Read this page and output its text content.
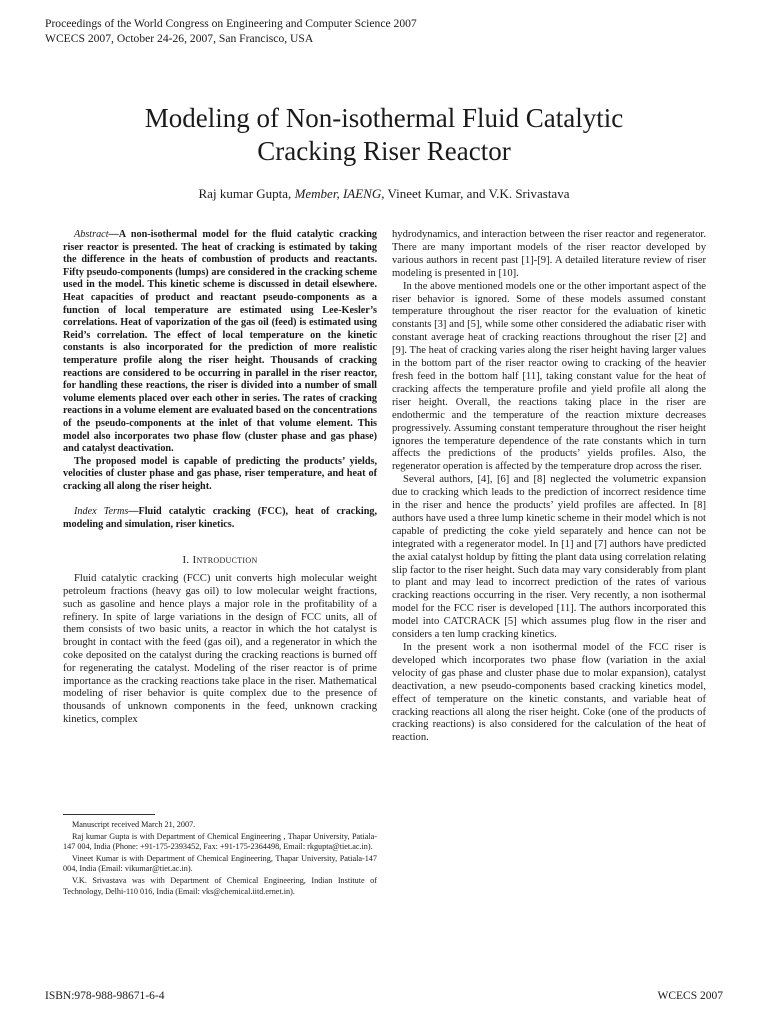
Proceedings of the World Congress on Engineering and Computer Science 2007
WCECS 2007, October 24-26, 2007, San Francisco, USA
Modeling of Non-isothermal Fluid Catalytic
Cracking Riser Reactor
Raj kumar Gupta, Member, IAENG, Vineet Kumar, and V.K. Srivastava

Abstract—A non-isothermal model for the fluid catalytic cracking riser reactor is presented. The heat of cracking is estimated by taking the difference in the heats of combustion of products and reactants. Fifty pseudo-components (lumps) are considered in the cracking scheme used in the model. This kinetic scheme is discussed in detail elsewhere. Heat capacities of product and reactant pseudo-components as a function of local temperature are estimated using Lee-Kesler’s correlations. Heat of vaporization of the gas oil (feed) is estimated using Reid’s correlation. The effect of local temperature on the kinetic constants is also incorporated for the prediction of more realistic temperature profile along the riser height. Thousands of cracking reactions are considered to be occurring in parallel in the riser reactor, for handling these reactions, the riser is divided into a number of small volume elements placed over each other in series. The rates of cracking reactions in a volume element are evaluated based on the concentrations of the pseudo-components at the inlet of that volume element. This model also incorporates two phase flow (cluster phase and gas phase) and catalyst deactivation.

The proposed model is capable of predicting the products’ yields, velocities of cluster phase and gas phase, riser temperature, and heat of cracking all along the riser height.

Index Terms—Fluid catalytic cracking (FCC), heat of cracking, modeling and simulation, riser kinetics.

I. Introduction

Fluid catalytic cracking (FCC) unit converts high molecular weight petroleum fractions (heavy gas oil) to low molecular weight fractions, such as gasoline and hence plays a major role in the profitability of a refinery. In spite of large variations in the design of FCC units, all of them consists of two basic units, a reactor in which the hot catalyst is brought in contact with the feed (gas oil), and a regenerator in which the coke deposited on the catalyst during the cracking reactions is burned off for regenerating the catalyst. Modeling of the riser reactor is of prime importance as the cracking reactions take place in the riser. Mathematical modeling of riser behavior is quite complex due to the presence of thousands of unknown components in the feed, unknown cracking kinetics, complex

Manuscript received March 21, 2007.

Raj kumar Gupta is with Department of Chemical Engineering , Thapar University, Patiala-147 004, India (Phone: +91-175-2393452, Fax: +91-175-2364498, Email: rkgupta@tiet.ac.in).

Vineet Kumar is with Department of Chemical Engineering, Thapar University, Patiala-147 004, India (Email: vikumar@tiet.ac.in).

V.K. Srivastava was with Department of Chemical Engineering, Indian Institute of Technology, Delhi-110 016, India (Email: vks@chemical.iitd.ernet.in).

hydrodynamics, and interaction between the riser reactor and regenerator. There are many important models of the riser reactor developed by various authors in recent past [1]-[9]. A detailed literature review of riser modeling is presented in [10].

In the above mentioned models one or the other important aspect of the riser behavior is ignored. Some of these models assumed constant temperature throughout the riser reactor for the evaluation of kinetic constants [3] and [5], while some other considered the adiabatic riser with constant average heat of cracking reactions throughout the riser [2] and [9]. The heat of cracking varies along the riser height having larger values in the bottom part of the riser reactor owing to cracking of the heavier fresh feed in the bottom half [11], taking constant value for the heat of cracking affects the temperature profile and yield profile all along the riser height. Overall, the reactions taking place in the riser are endothermic and the temperature of the reaction mixture decreases progressively. Assuming constant temperature throughout the riser height ignores the temperature dependence of the rate constants which in turn affects the predictions of the products’ yields profiles. Also, the regenerator operation is affected by the temperature drop across the riser.

Several authors, [4], [6] and [8] neglected the volumetric expansion due to cracking which leads to the prediction of incorrect residence time in the riser and hence the products’ yield profiles are affected. In [8] authors have used a three lump kinetic scheme in their model which is not capable of predicting the coke yield separately and hence can not be integrated with a regenerator model. In [1] and [7] authors have predicted the axial catalyst holdup by fitting the plant data using correlation relating slip factor to the riser height. Such data may vary considerably from plant to plant and may lead to incorrect prediction of the rates of various cracking reactions occurring in the riser. Very recently, a non isothermal model for the FCC riser is developed [11]. The authors incorporated this model into CATCRACK [5] which assumes plug flow in the riser and considers a ten lump cracking kinetics.

In the present work a non isothermal model of the FCC riser is developed which incorporates two phase flow (variation in the axial velocity of gas phase and cluster phase due to molar expansion), catalyst deactivation, a new pseudo-components based cracking kinetics model, effect of temperature on the kinetic constants, and variable heat of cracking reactions all along the riser height. Coke (one of the products of cracking reactions) is also considered for the calculation of the heat of reaction.

ISBN:978-988-98671-6-4	WCECS 2007
